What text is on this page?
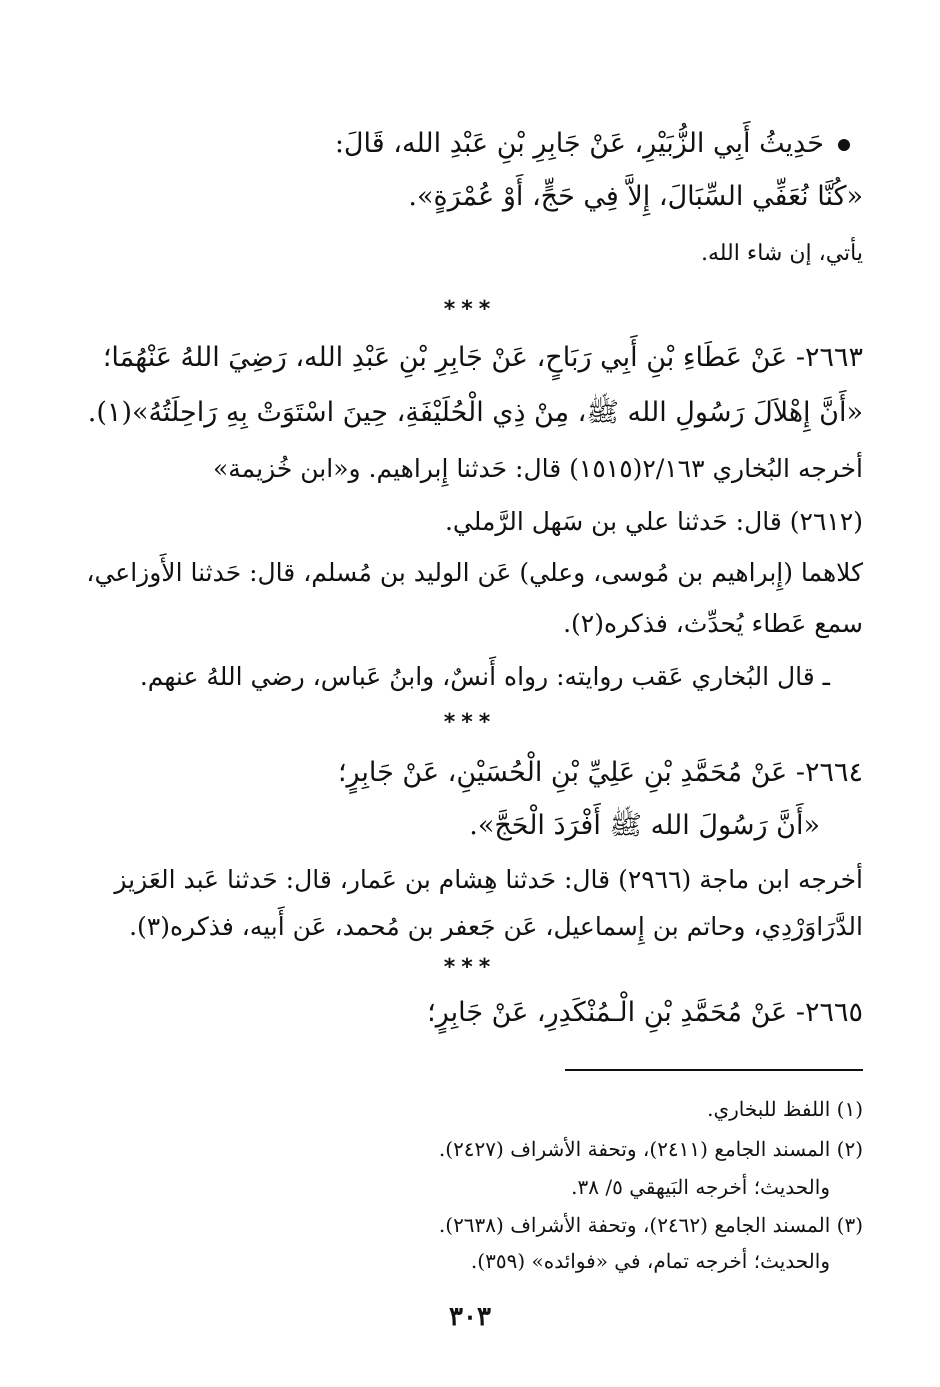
حَدِيثُ أَبِي الزُّبَيْرِ، عَنْ جَابِرِ بْنِ عَبْدِ الله، قَالَ:
«كُنَّا نُعَفِّي السِّبَالَ، إِلاَّ فِي حَجٍّ، أَوْ عُمْرَةٍ».
يأتي، إن شاء الله.
***
٢٦٦٣- عَنْ عَطَاءِ بْنِ أَبِي رَبَاحٍ، عَنْ جَابِرِ بْنِ عَبْدِ الله، رَضِيَ اللهُ عَنْهُمَا؛
«أَنَّ إِهْلاَلَ رَسُولِ الله ﷺ، مِنْ ذِي الْحُلَيْفَةِ، حِينَ اسْتَوَتْ بِهِ رَاحِلَتُهُ»(١).
أخرجه البُخاري ٢/١٦٣(١٥١٥) قال: حَدثنا إِبراهيم. و«ابن خُزيمة»
(٢٦١٢) قال: حَدثنا علي بن سَهل الرَّملي.
كلاهما (إِبراهيم بن مُوسى، وعلي) عَن الوليد بن مُسلم، قال: حَدثنا الأَوزاعي،
سمع عَطاء يُحدِّث، فذكره(٢).
ـ قال البُخاري عَقب روايته: رواه أَنسٌ، وابنُ عَباس، رضي اللهُ عنهم.
***
٢٦٦٤- عَنْ مُحَمَّدِ بْنِ عَلِيِّ بْنِ الْحُسَيْنِ، عَنْ جَابِرٍ؛
«أَنَّ رَسُولَ الله ﷺ أَفْرَدَ الْحَجَّ».
أخرجه ابن ماجة (٢٩٦٦) قال: حَدثنا هِشام بن عَمار، قال: حَدثنا عَبد العَزيز
الدَّرَاوَرْدِي، وحاتم بن إِسماعيل، عَن جَعفر بن مُحمد، عَن أَبيه، فذكره(٣).
***
٢٦٦٥- عَنْ مُحَمَّدِ بْنِ الْـمُنْكَدِرِ، عَنْ جَابِرٍ؛
(١) اللفظ للبخاري.
(٢) المسند الجامع (٢٤١١)، وتحفة الأشراف (٢٤٢٧).
والحديث؛ أخرجه البَيهقي ٥/ ٣٨.
(٣) المسند الجامع (٢٤٦٢)، وتحفة الأشراف (٢٦٣٨).
والحديث؛ أخرجه تمام، في «فوائده» (٣٥٩).
٣٠٣
